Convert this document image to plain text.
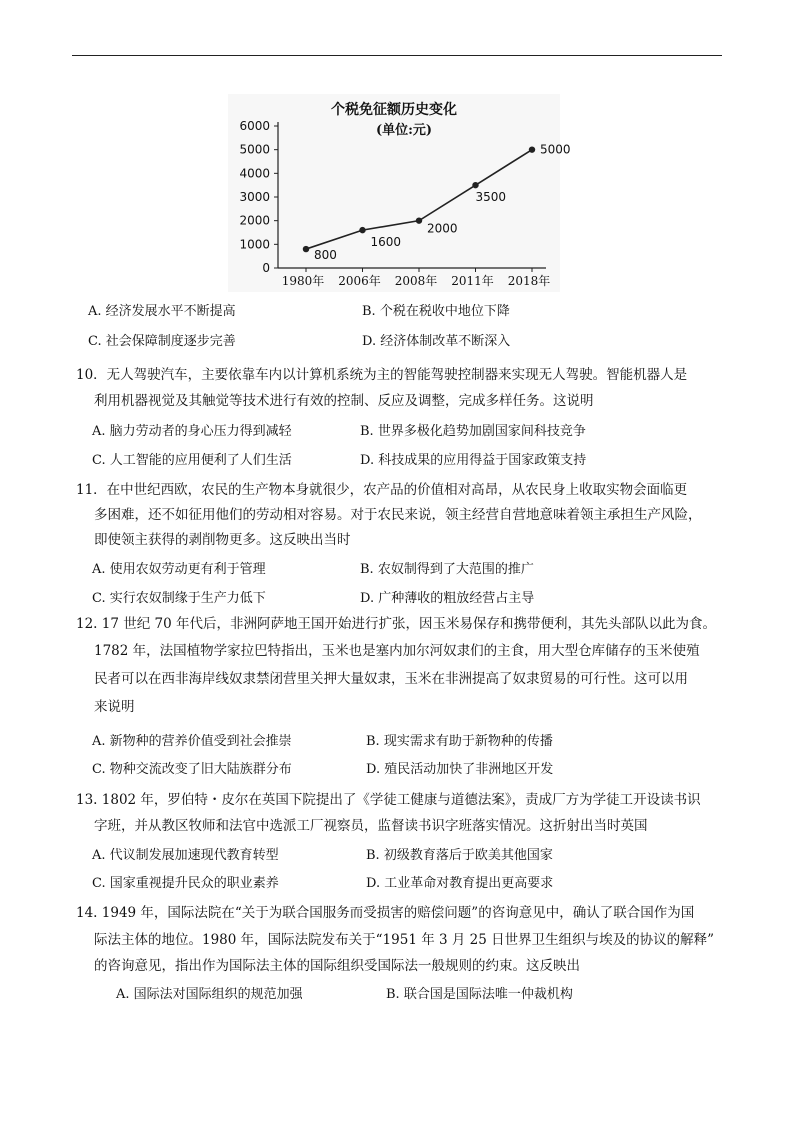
个税免征额历史变化
(单位:元)
0
1000
2000
3000
4000
5000
6000
1980年 2006年 2008年 2011年 2018年
800
1600
2000
3500
5000
A. 经济发展水平不断提高	B. 个税在税收中地位下降
C. 社会保障制度逐步完善	D. 经济体制改革不断深入
10．无人驾驶汽车，主要依靠车内以计算机系统为主的智能驾驶控制器来实现无人驾驶。智能机器人是
利用机器视觉及其触觉等技术进行有效的控制、反应及调整，完成多样任务。这说明
A. 脑力劳动者的身心压力得到减轻	B. 世界多极化趋势加剧国家间科技竞争
C. 人工智能的应用便利了人们生活	D. 科技成果的应用得益于国家政策支持
11．在中世纪西欧，农民的生产物本身就很少，农产品的价值相对高昂，从农民身上收取实物会面临更
多困难，还不如征用他们的劳动相对容易。对于农民来说，领主经营自营地意味着领主承担生产风险，
即使领主获得的剥削物更多。这反映出当时
A. 使用农奴劳动更有利于管理	B. 农奴制得到了大范围的推广
C. 实行农奴制缘于生产力低下	D. 广种薄收的粗放经营占主导
12. 17 世纪 70 年代后，非洲阿萨地王国开始进行扩张，因玉米易保存和携带便利，其先头部队以此为食。
1782 年，法国植物学家拉巴特指出，玉米也是塞内加尔河奴隶们的主食，用大型仓库储存的玉米使殖
民者可以在西非海岸线奴隶禁闭营里关押大量奴隶，玉米在非洲提高了奴隶贸易的可行性。这可以用
来说明
A. 新物种的营养价值受到社会推崇	B. 现实需求有助于新物种的传播
C. 物种交流改变了旧大陆族群分布	D. 殖民活动加快了非洲地区开发
13. 1802 年，罗伯特・皮尔在英国下院提出了《学徒工健康与道德法案》，责成厂方为学徒工开设读书识
字班，并从教区牧师和法官中选派工厂视察员，监督读书识字班落实情况。这折射出当时英国
A. 代议制发展加速现代教育转型	B. 初级教育落后于欧美其他国家
C. 国家重视提升民众的职业素养	D. 工业革命对教育提出更高要求
14. 1949 年，国际法院在“关于为联合国服务而受损害的赔偿问题”的咨询意见中，确认了联合国作为国
际法主体的地位。1980 年，国际法院发布关于“1951 年 3 月 25 日世界卫生组织与埃及的协议的解释”
的咨询意见，指出作为国际法主体的国际组织受国际法一般规则的约束。这反映出
A. 国际法对国际组织的规范加强	B. 联合国是国际法唯一仲裁机构
